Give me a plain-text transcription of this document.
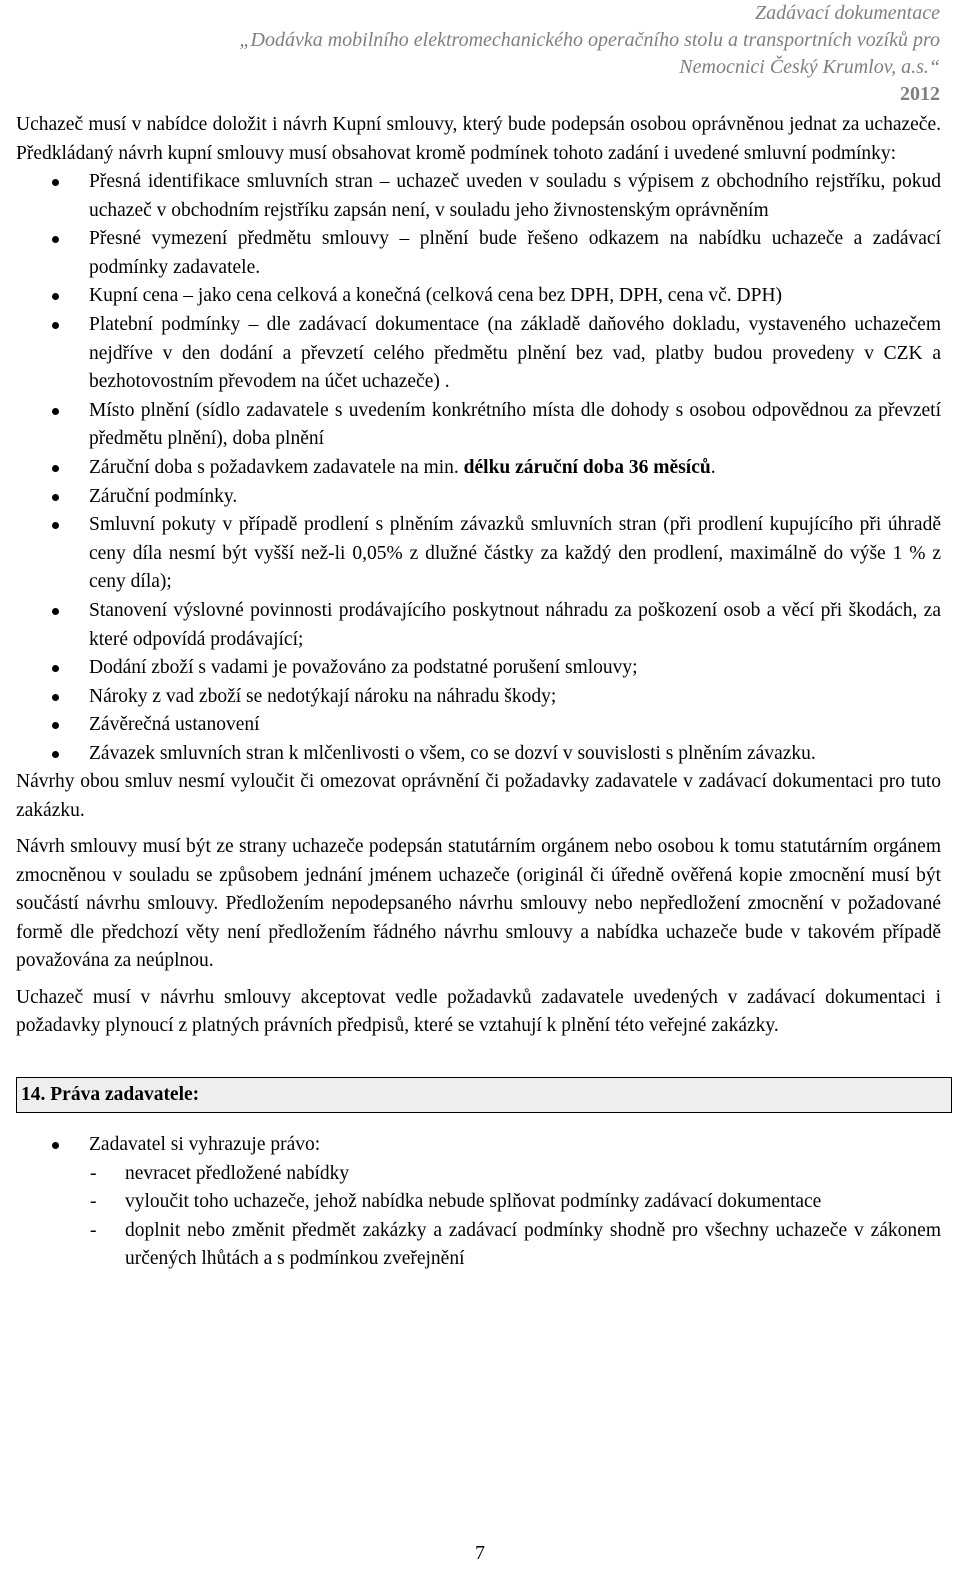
Zadávací dokumentace
„Dodávka mobilního elektromechanického operačního stolu a transportních vozíků pro
Nemocnici Český Krumlov, a.s.“
2012

Uchazeč musí v nabídce doložit i návrh Kupní smlouvy, který bude podepsán osobou oprávněnou jednat za uchazeče. Předkládaný návrh kupní smlouvy musí obsahovat kromě podmínek tohoto zadání i uvedené smluvní podmínky:

Přesná identifikace smluvních stran – uchazeč uveden v souladu s výpisem z obchodního rejstříku, pokud uchazeč v obchodním rejstříku zapsán není, v souladu jeho živnostenským oprávněním
Přesné vymezení předmětu smlouvy – plnění bude řešeno odkazem na nabídku uchazeče a zadávací podmínky zadavatele.
Kupní cena – jako cena celková a konečná (celková cena bez DPH, DPH, cena vč. DPH)
Platební podmínky – dle zadávací dokumentace (na základě daňového dokladu, vystaveného uchazečem nejdříve v den dodání a převzetí celého předmětu plnění bez vad, platby budou provedeny v CZK a bezhotovostním převodem na účet uchazeče) .
Místo plnění (sídlo zadavatele s uvedením konkrétního místa dle dohody s osobou odpovědnou za převzetí předmětu plnění), doba plnění
Záruční doba s požadavkem zadavatele na min. délku záruční doba 36 měsíců.
Záruční podmínky.
Smluvní pokuty v případě prodlení s plněním závazků smluvních stran (při prodlení kupujícího při úhradě ceny díla nesmí být vyšší než-li 0,05% z dlužné částky za každý den prodlení, maximálně do výše 1 % z ceny díla);
Stanovení výslovné povinnosti prodávajícího poskytnout náhradu za poškození osob a věcí při škodách, za které odpovídá prodávající;
Dodání zboží s vadami je považováno za podstatné porušení smlouvy;
Nároky z vad zboží se nedotýkají nároku na náhradu škody;
Závěrečná ustanovení
Závazek smluvních stran k mlčenlivosti o všem, co se dozví v souvislosti s plněním závazku.

Návrhy obou smluv nesmí vyloučit či omezovat oprávnění či požadavky zadavatele v zadávací dokumentaci pro tuto zakázku.

Návrh smlouvy musí být ze strany uchazeče podepsán statutárním orgánem nebo osobou k tomu statutárním orgánem zmocněnou v souladu se způsobem jednání jménem uchazeče (originál či úředně ověřená kopie zmocnění musí být součástí návrhu smlouvy. Předložením nepodepsaného návrhu smlouvy nebo nepředložení zmocnění v požadované formě dle předchozí věty není předložením řádného návrhu smlouvy a nabídka uchazeče bude v takovém případě považována za neúplnou.

Uchazeč musí v návrhu smlouvy akceptovat vedle požadavků zadavatele uvedených v zadávací dokumentaci i požadavky plynoucí z platných právních předpisů, které se vztahují k plnění této veřejné zakázky.

14. Práva zadavatele:
Zadavatel si vyhrazuje právo:
- nevracet předložené nabídky
- vyloučit toho uchazeče, jehož nabídka nebude splňovat podmínky zadávací dokumentace
- doplnit nebo změnit předmět zakázky a zadávací podmínky shodně pro všechny uchazeče v zákonem určených lhůtách a s podmínkou zveřejnění
7
